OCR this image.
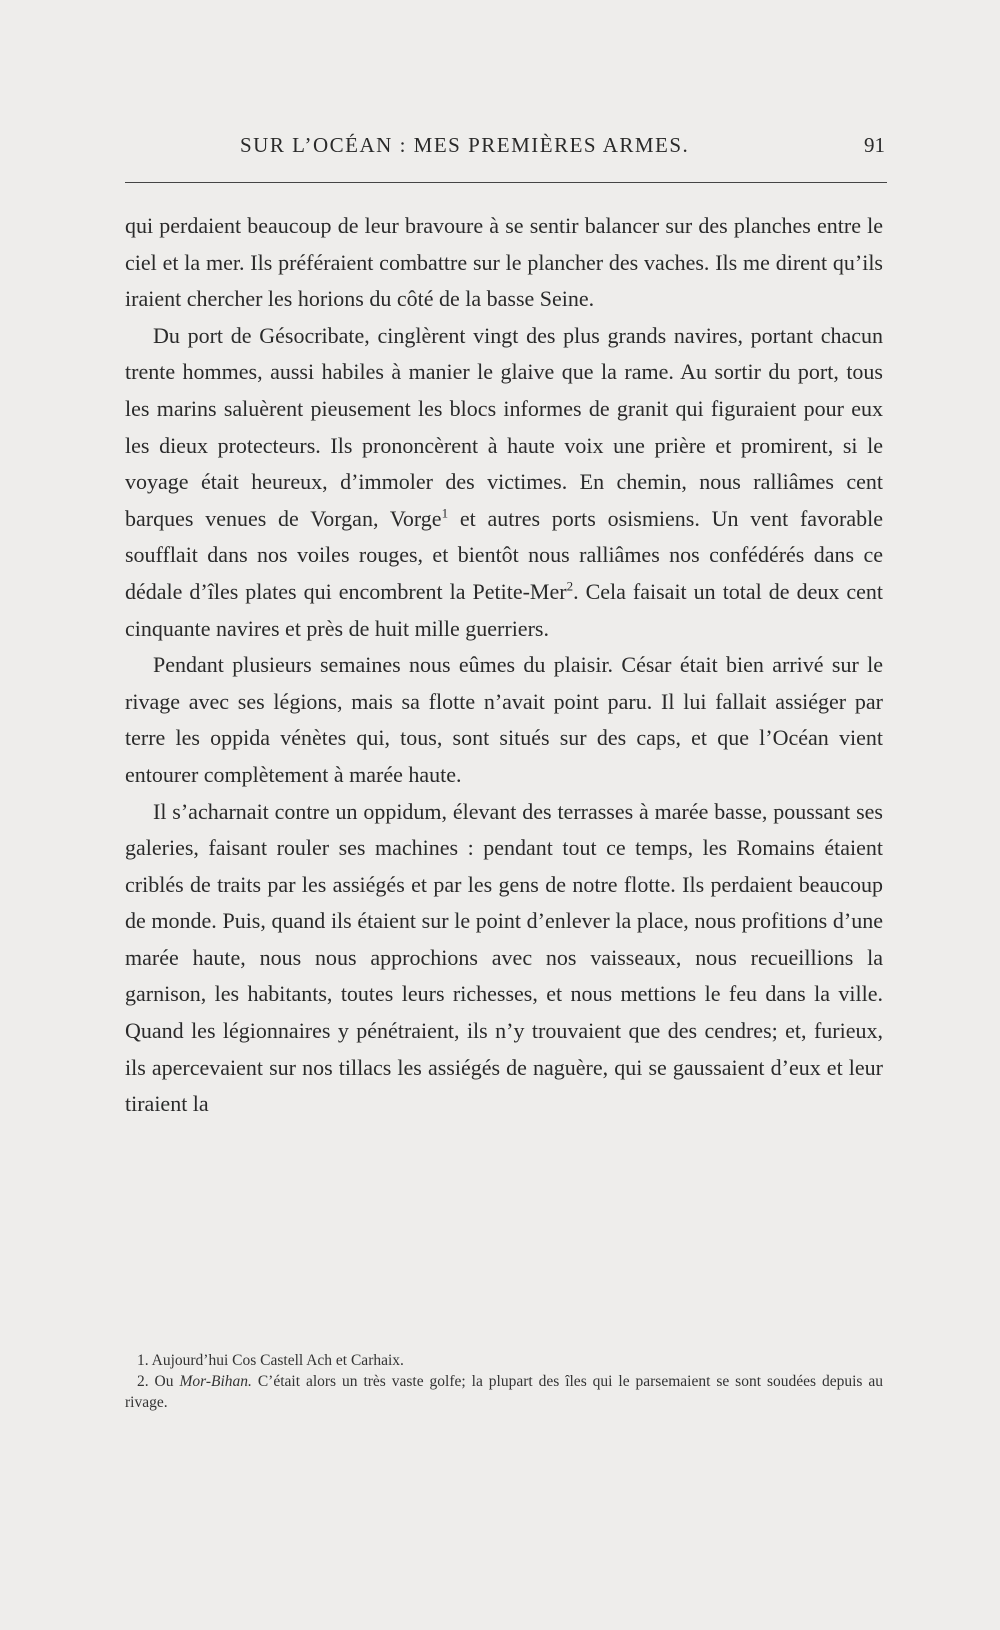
SUR L’OCÉAN : MES PREMIÈRES ARMES.	91

qui perdaient beaucoup de leur bravoure à se sentir balancer sur des planches entre le ciel et la mer. Ils préféraient combattre sur le plancher des vaches. Ils me dirent qu’ils iraient chercher les horions du côté de la basse Seine.

Du port de Gésocribate, cinglèrent vingt des plus grands navires, portant chacun trente hommes, aussi habiles à manier le glaive que la rame. Au sortir du port, tous les marins saluèrent pieusement les blocs informes de granit qui figuraient pour eux les dieux protecteurs. Ils prononcèrent à haute voix une prière et promirent, si le voyage était heureux, d’immoler des victimes. En chemin, nous ralliâmes cent barques venues de Vorgan, Vorge$^1$ et autres ports osismiens. Un vent favorable soufflait dans nos voiles rouges, et bientôt nous ralliâmes nos confédérés dans ce dédale d’îles plates qui encombrent la Petite-Mer$^2$. Cela faisait un total de deux cent cinquante navires et près de huit mille guerriers.

Pendant plusieurs semaines nous eûmes du plaisir. César était bien arrivé sur le rivage avec ses légions, mais sa flotte n’avait point paru. Il lui fallait assiéger par terre les oppida vénètes qui, tous, sont situés sur des caps, et que l’Océan vient entourer complètement à marée haute.

Il s’acharnait contre un oppidum, élevant des terrasses à marée basse, poussant ses galeries, faisant rouler ses machines : pendant tout ce temps, les Romains étaient criblés de traits par les assiégés et par les gens de notre flotte. Ils perdaient beaucoup de monde. Puis, quand ils étaient sur le point d’enlever la place, nous profitions d’une marée haute, nous nous approchions avec nos vaisseaux, nous recueillions la garnison, les habitants, toutes leurs richesses, et nous mettions le feu dans la ville. Quand les légionnaires y pénétraient, ils n’y trouvaient que des cendres; et, furieux, ils apercevaient sur nos tillacs les assiégés de naguère, qui se gaussaient d’eux et leur tiraient la

1. Aujourd’hui Cos Castell Ach et Carhaix.

2. Ou Mor-Bihan. C’était alors un très vaste golfe; la plupart des îles qui le parsemaient se sont soudées depuis au rivage.
